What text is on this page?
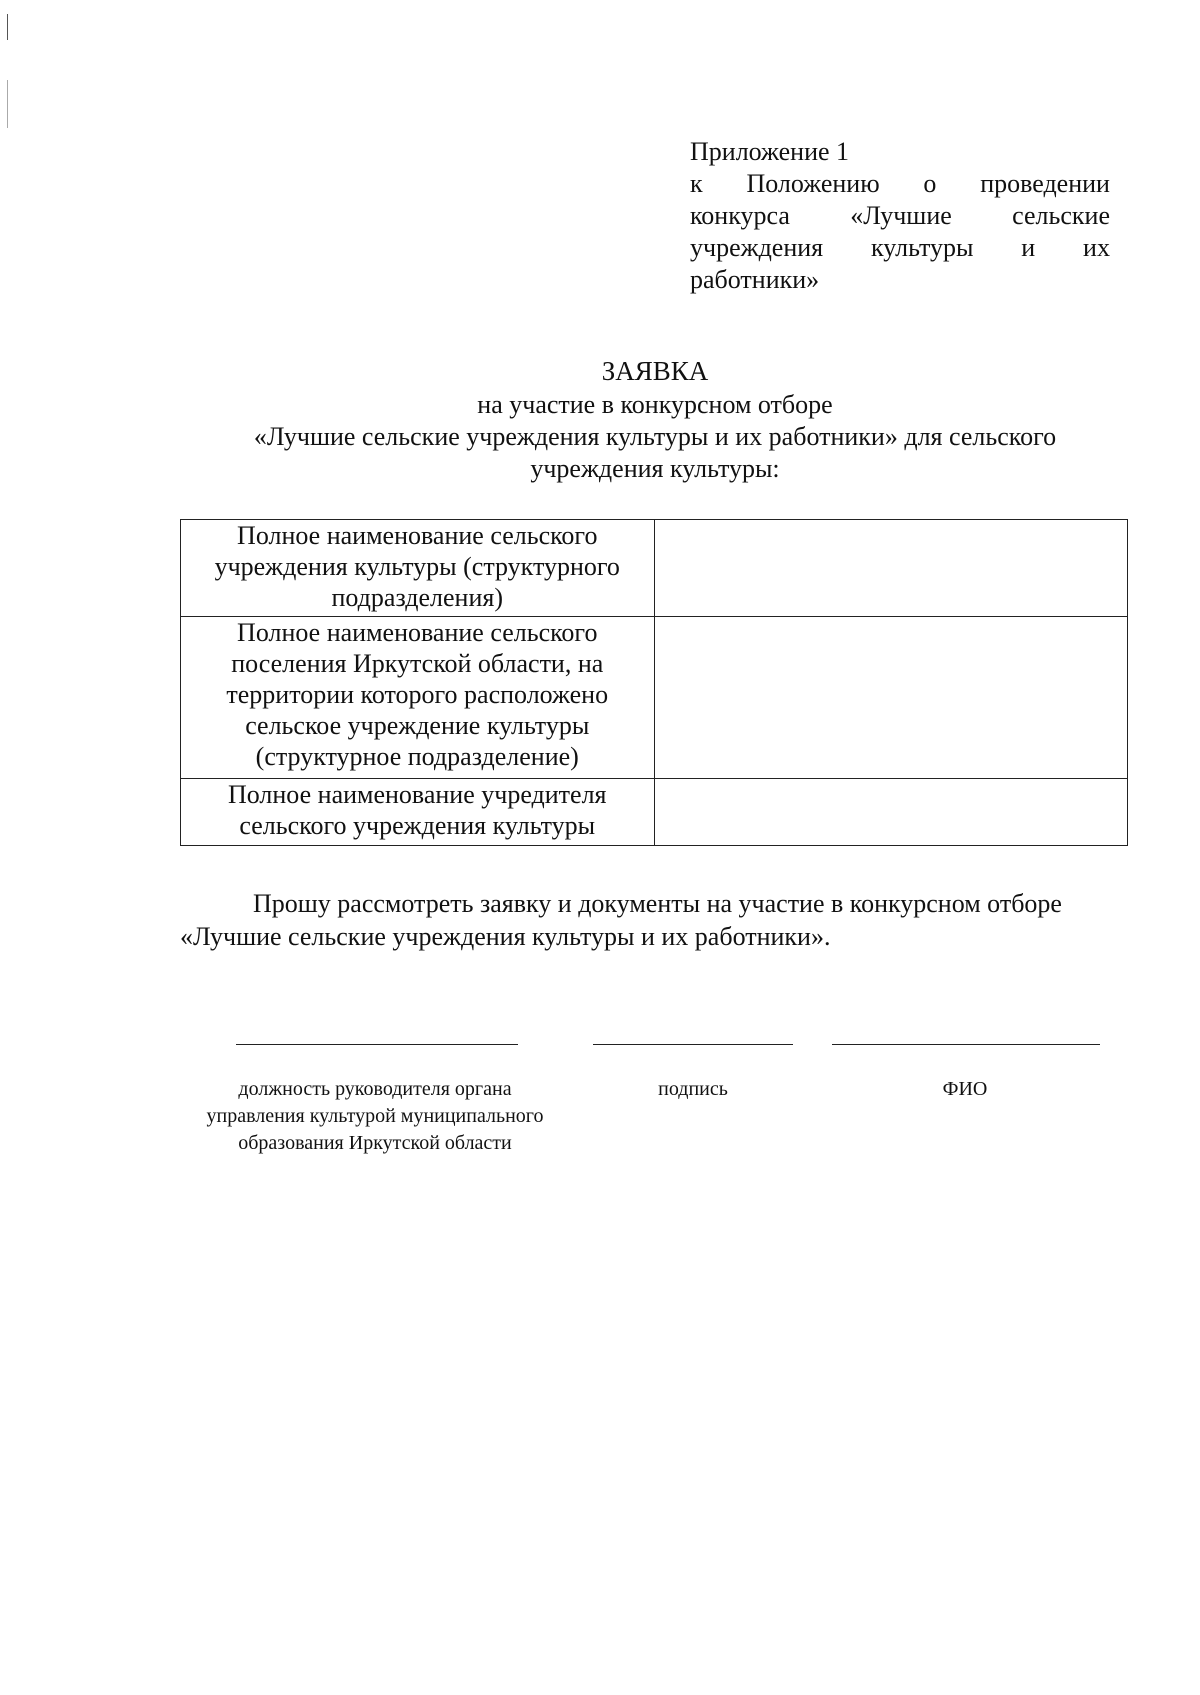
Приложение 1
к Положению о проведении
конкурса «Лучшие сельские
учреждения культуры и их
работники»
ЗАЯВКА
на участие в конкурсном отборе
«Лучшие сельские учреждения культуры и их работники» для сельского
учреждения культуры:
Полное наименование сельского
учреждения культуры (структурного
подразделения)	

Полное наименование сельского
поселения Иркутской области, на
территории которого расположено
сельское учреждение культуры
(структурное подразделение)	

Полное наименование учредителя
сельского учреждения культуры	

Прошу рассмотреть заявку и документы на участие в конкурсном отборе
«Лучшие сельские учреждения культуры и их работники».
должность руководителя органа
управления культурой муниципального
образования Иркутской области
подпись	ФИО
